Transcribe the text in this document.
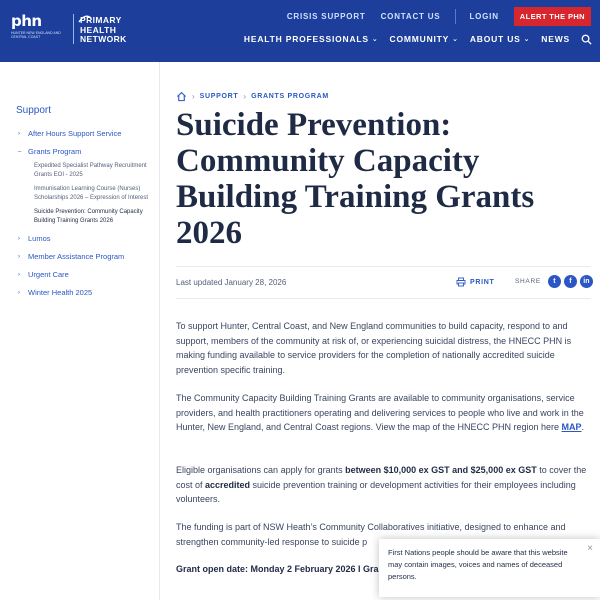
phn
HUNTER NEW ENGLAND AND CENTRAL COAST
PRIMARY HEALTH NETWORK
CRISIS SUPPORT CONTACT US	LOGIN	ALERT THE PHN
HEALTH PROFESSIONALS ⌄ COMMUNITY ⌄ ABOUT US ⌄ NEWS
Support
› After Hours Support Service
– Grants Program
Expedited Specialist Pathway Recruitment Grants EOI - 2025
Immunisation Learning Course (Nurses) Scholarships 2026 – Expression of Interest
Suicide Prevention: Community Capacity Building Training Grants 2026
› Lumos
› Member Assistance Program
› Urgent Care
› Winter Health 2025
› SUPPORT › GRANTS PROGRAM
Suicide Prevention: Community Capacity Building Training Grants 2026
Last updated January 28, 2026	PRINT	SHARE	t	f	in

To support Hunter, Central Coast, and New England communities to build capacity, respond to and support, members of the community at risk of, or experiencing suicidal distress, the HNECC PHN is making funding available to service providers for the completion of nationally accredited suicide prevention specific training.

The Community Capacity Building Training Grants are available to community organisations, service providers, and health practitioners operating and delivering services to people who live and work in the Hunter, New England, and Central Coast regions. View the map of the HNECC PHN region here MAP.

Eligible organisations can apply for grants between $10,000 ex GST and $25,000 ex GST to cover the cost of accredited suicide prevention training or development activities for their employees including volunteers.

The funding is part of NSW Heath’s Community Collaboratives initiative, designed to enhance and strengthen community-led response to suicide p

Grant open date: Monday 2 February 2026 I Gra

First Nations people should be aware that this website may contain images, voices and names of deceased persons.
×
